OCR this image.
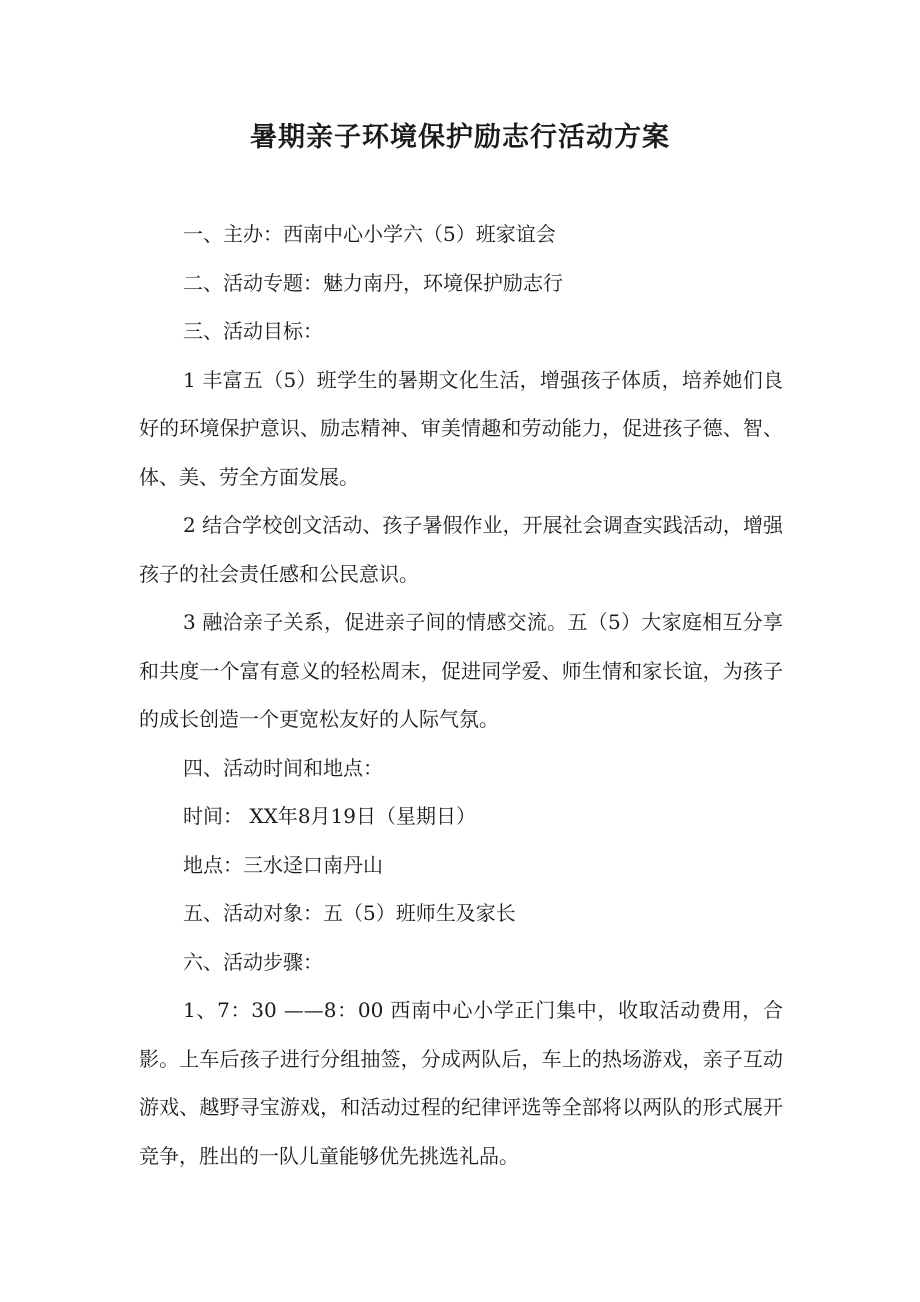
暑期亲子环境保护励志行活动方案

一、主办：西南中心小学六（5）班家谊会

二、活动专题：魅力南丹，环境保护励志行

三、活动目标：

1 丰富五（5）班学生的暑期文化生活，增强孩子体质，培养她们良好的环境保护意识、励志精神、审美情趣和劳动能力，促进孩子德、智、体、美、劳全方面发展。

2 结合学校创文活动、孩子暑假作业，开展社会调查实践活动，增强孩子的社会责任感和公民意识。

3 融洽亲子关系，促进亲子间的情感交流。五（5）大家庭相互分享和共度一个富有意义的轻松周末，促进同学爱、师生情和家长谊，为孩子的成长创造一个更宽松友好的人际气氛。

四、活动时间和地点：

时间： XX年8月19日（星期日）

地点：三水迳口南丹山

五、活动对象：五（5）班师生及家长

六、活动步骤：

1、7：30 ——8：00 西南中心小学正门集中，收取活动费用，合影。上车后孩子进行分组抽签，分成两队后，车上的热场游戏，亲子互动游戏、越野寻宝游戏，和活动过程的纪律评选等全部将以两队的形式展开竞争，胜出的一队儿童能够优先挑选礼品。
